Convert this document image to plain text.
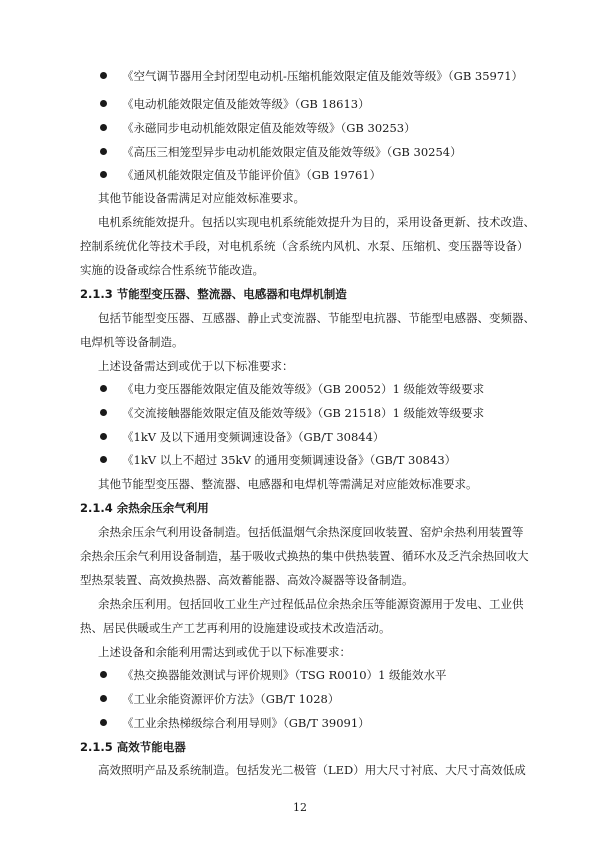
《空气调节器用全封闭型电动机-压缩机能效限定值及能效等级》（GB 35971）
《电动机能效限定值及能效等级》（GB 18613）
《永磁同步电动机能效限定值及能效等级》（GB 30253）
《高压三相笼型异步电动机能效限定值及能效等级》（GB 30254）
《通风机能效限定值及节能评价值》（GB 19761）
其他节能设备需满足对应能效标准要求。
电机系统能效提升。包括以实现电机系统能效提升为目的，采用设备更新、技术改造、
控制系统优化等技术手段，对电机系统（含系统内风机、水泵、压缩机、变压器等设备）
实施的设备或综合性系统节能改造。
2.1.3 节能型变压器、整流器、电感器和电焊机制造
包括节能型变压器、互感器、静止式变流器、节能型电抗器、节能型电感器、变频器、
电焊机等设备制造。
上述设备需达到或优于以下标准要求：
《电力变压器能效限定值及能效等级》（GB 20052）1 级能效等级要求
《交流接触器能效限定值及能效等级》（GB 21518）1 级能效等级要求
《1kV 及以下通用变频调速设备》（GB/T 30844）
《1kV 以上不超过 35kV 的通用变频调速设备》（GB/T 30843）
其他节能型变压器、整流器、电感器和电焊机等需满足对应能效标准要求。
2.1.4 余热余压余气利用
余热余压余气利用设备制造。包括低温烟气余热深度回收装置、窑炉余热利用装置等
余热余压余气利用设备制造，基于吸收式换热的集中供热装置、循环水及乏汽余热回收大
型热泵装置、高效换热器、高效蓄能器、高效冷凝器等设备制造。
余热余压利用。包括回收工业生产过程低品位余热余压等能源资源用于发电、工业供
热、居民供暖或生产工艺再利用的设施建设或技术改造活动。
上述设备和余能利用需达到或优于以下标准要求：
《热交换器能效测试与评价规则》（TSG R0010）1 级能效水平
《工业余能资源评价方法》（GB/T 1028）
《工业余热梯级综合利用导则》（GB/T 39091）
2.1.5 高效节能电器
高效照明产品及系统制造。包括发光二极管（LED）用大尺寸衬底、大尺寸高效低成
12
